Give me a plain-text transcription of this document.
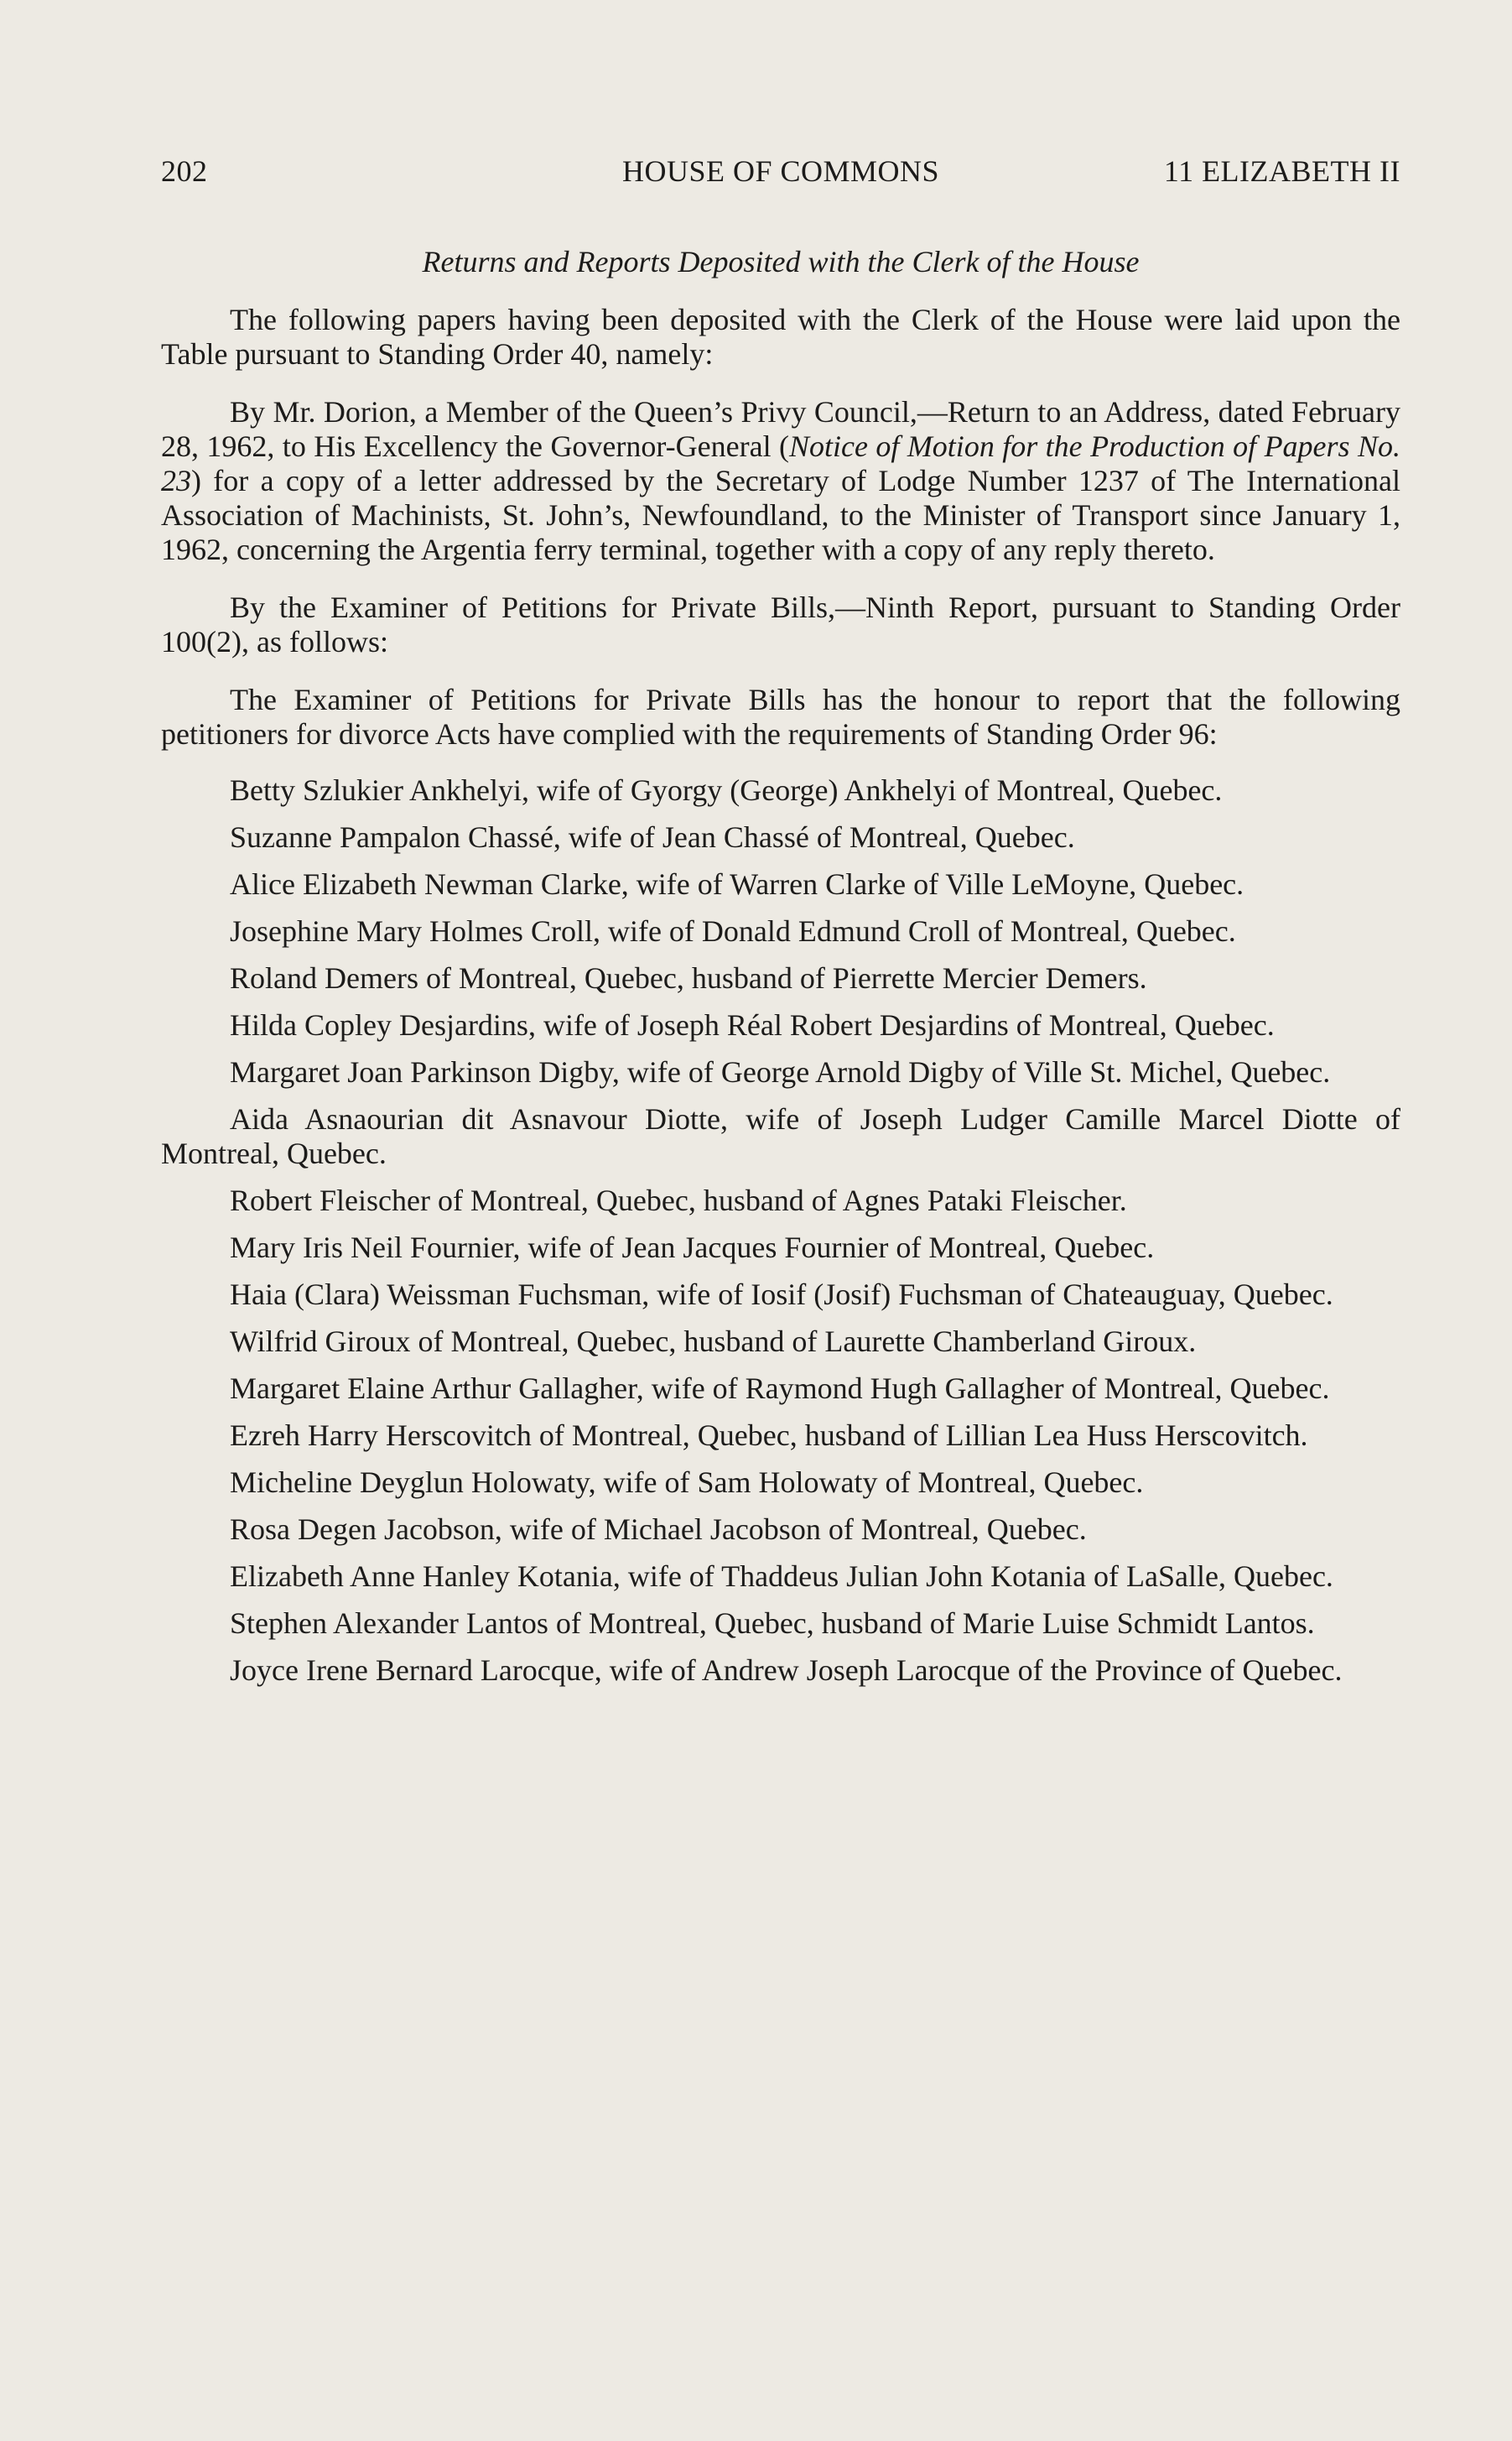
202	HOUSE OF COMMONS	11 ELIZABETH II

Returns and Reports Deposited with the Clerk of the House

The following papers having been deposited with the Clerk of the House were laid upon the Table pursuant to Standing Order 40, namely:

By Mr. Dorion, a Member of the Queen’s Privy Council,—Return to an Address, dated February 28, 1962, to His Excellency the Governor-General (Notice of Motion for the Production of Papers No. 23) for a copy of a letter addressed by the Secretary of Lodge Number 1237 of The International Association of Machinists, St. John’s, Newfoundland, to the Minister of Transport since January 1, 1962, concerning the Argentia ferry terminal, together with a copy of any reply thereto.

By the Examiner of Petitions for Private Bills,—Ninth Report, pursuant to Standing Order 100(2), as follows:

The Examiner of Petitions for Private Bills has the honour to report that the following petitioners for divorce Acts have complied with the requirements of Standing Order 96:

Betty Szlukier Ankhelyi, wife of Gyorgy (George) Ankhelyi of Montreal, Quebec.
Suzanne Pampalon Chassé, wife of Jean Chassé of Montreal, Quebec.
Alice Elizabeth Newman Clarke, wife of Warren Clarke of Ville LeMoyne, Quebec.
Josephine Mary Holmes Croll, wife of Donald Edmund Croll of Montreal, Quebec.
Roland Demers of Montreal, Quebec, husband of Pierrette Mercier Demers.
Hilda Copley Desjardins, wife of Joseph Réal Robert Desjardins of Montreal, Quebec.
Margaret Joan Parkinson Digby, wife of George Arnold Digby of Ville St. Michel, Quebec.
Aida Asnaourian dit Asnavour Diotte, wife of Joseph Ludger Camille Marcel Diotte of Montreal, Quebec.
Robert Fleischer of Montreal, Quebec, husband of Agnes Pataki Fleischer.
Mary Iris Neil Fournier, wife of Jean Jacques Fournier of Montreal, Quebec.
Haia (Clara) Weissman Fuchsman, wife of Iosif (Josif) Fuchsman of Chateauguay, Quebec.
Wilfrid Giroux of Montreal, Quebec, husband of Laurette Chamberland Giroux.
Margaret Elaine Arthur Gallagher, wife of Raymond Hugh Gallagher of Montreal, Quebec.
Ezreh Harry Herscovitch of Montreal, Quebec, husband of Lillian Lea Huss Herscovitch.
Micheline Deyglun Holowaty, wife of Sam Holowaty of Montreal, Quebec.
Rosa Degen Jacobson, wife of Michael Jacobson of Montreal, Quebec.
Elizabeth Anne Hanley Kotania, wife of Thaddeus Julian John Kotania of LaSalle, Quebec.
Stephen Alexander Lantos of Montreal, Quebec, husband of Marie Luise Schmidt Lantos.
Joyce Irene Bernard Larocque, wife of Andrew Joseph Larocque of the Province of Quebec.
